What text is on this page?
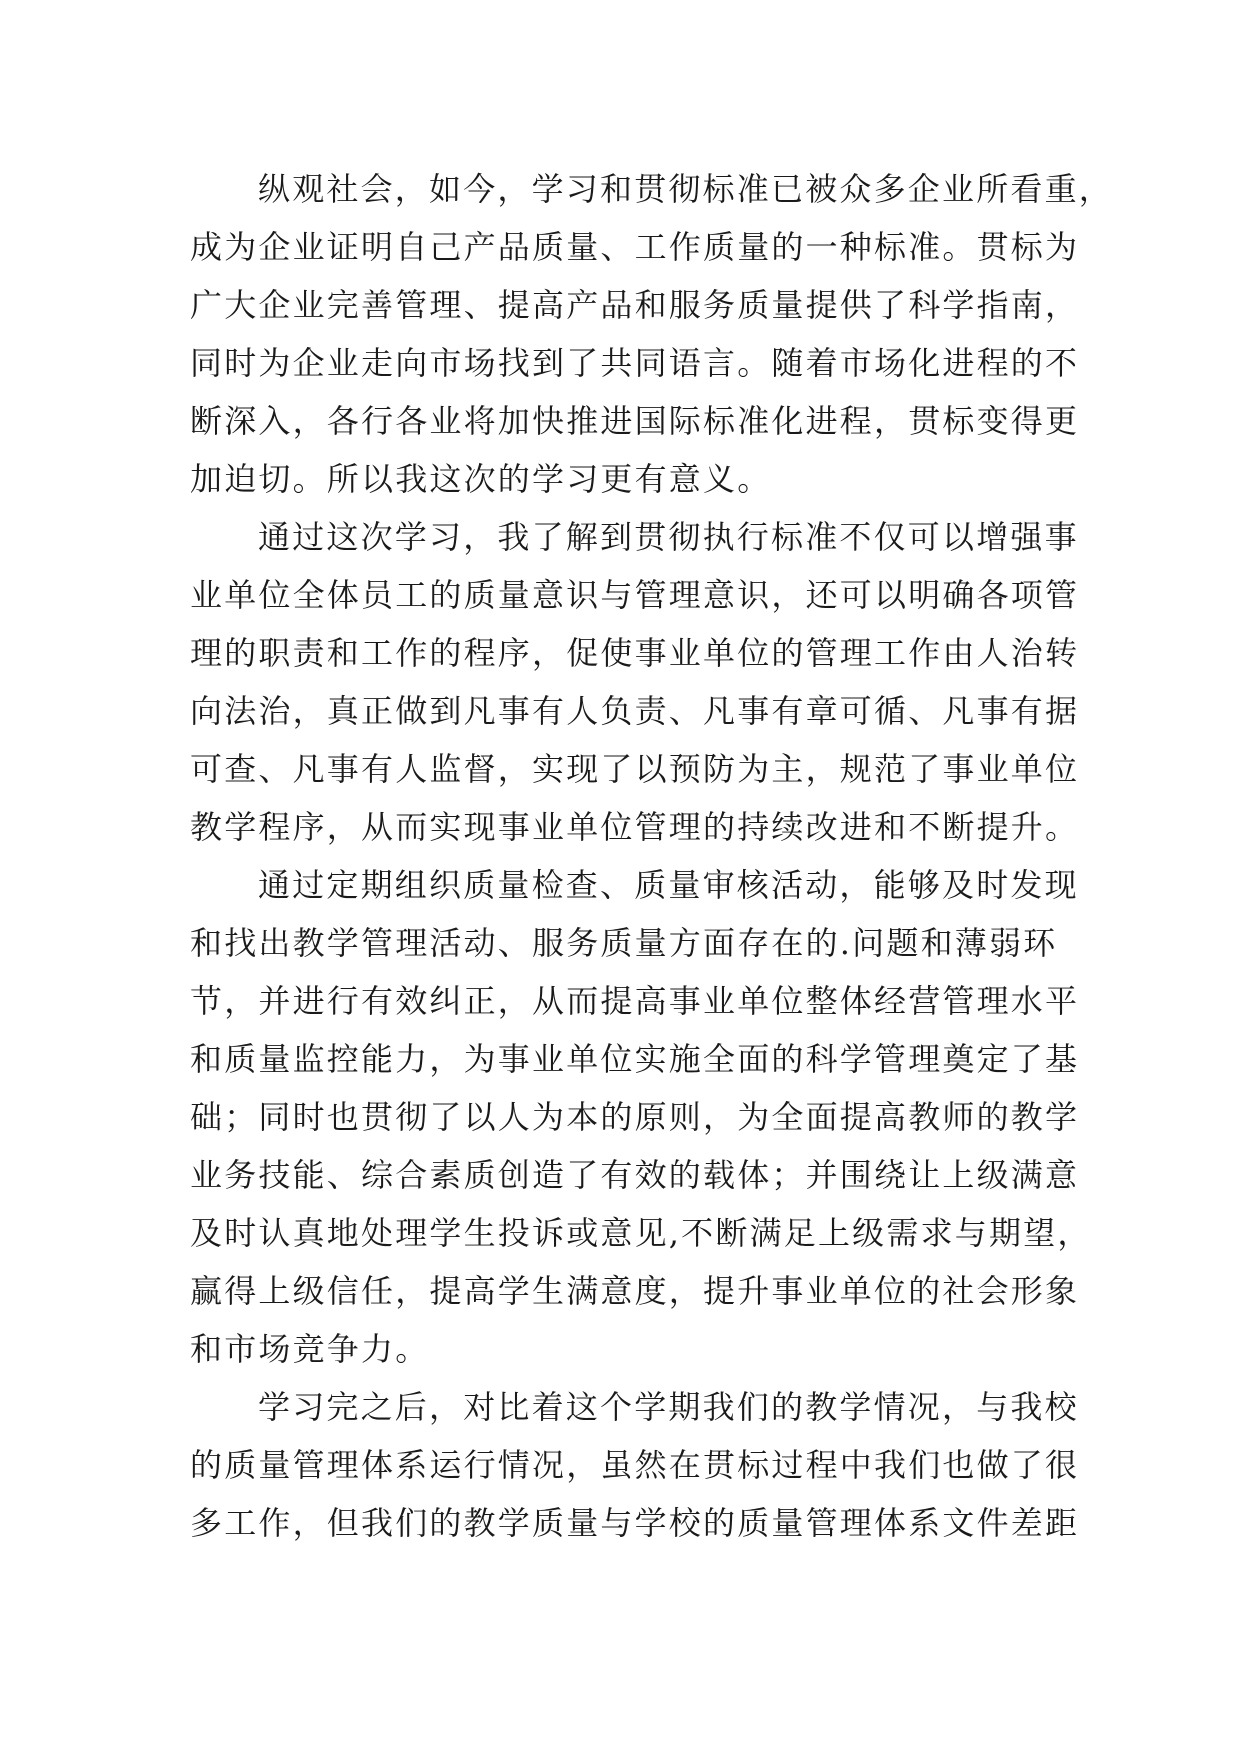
纵观社会，如今，学习和贯彻标准已被众多企业所看重，
成为企业证明自己产品质量、工作质量的一种标准。贯标为
广大企业完善管理、提高产品和服务质量提供了科学指南，
同时为企业走向市场找到了共同语言。随着市场化进程的不
断深入，各行各业将加快推进国际标准化进程，贯标变得更
加迫切。所以我这次的学习更有意义。
通过这次学习，我了解到贯彻执行标准不仅可以增强事
业单位全体员工的质量意识与管理意识，还可以明确各项管
理的职责和工作的程序，促使事业单位的管理工作由人治转
向法治，真正做到凡事有人负责、凡事有章可循、凡事有据
可查、凡事有人监督，实现了以预防为主，规范了事业单位
教学程序，从而实现事业单位管理的持续改进和不断提升。
通过定期组织质量检查、质量审核活动，能够及时发现
和找出教学管理活动、服务质量方面存在的.问题和薄弱环
节，并进行有效纠正，从而提高事业单位整体经营管理水平
和质量监控能力，为事业单位实施全面的科学管理奠定了基
础；同时也贯彻了以人为本的原则，为全面提高教师的教学
业务技能、综合素质创造了有效的载体；并围绕让上级满意
及时认真地处理学生投诉或意见,不断满足上级需求与期望，
赢得上级信任，提高学生满意度，提升事业单位的社会形象
和市场竞争力。
学习完之后，对比着这个学期我们的教学情况，与我校
的质量管理体系运行情况，虽然在贯标过程中我们也做了很
多工作，但我们的教学质量与学校的质量管理体系文件差距
